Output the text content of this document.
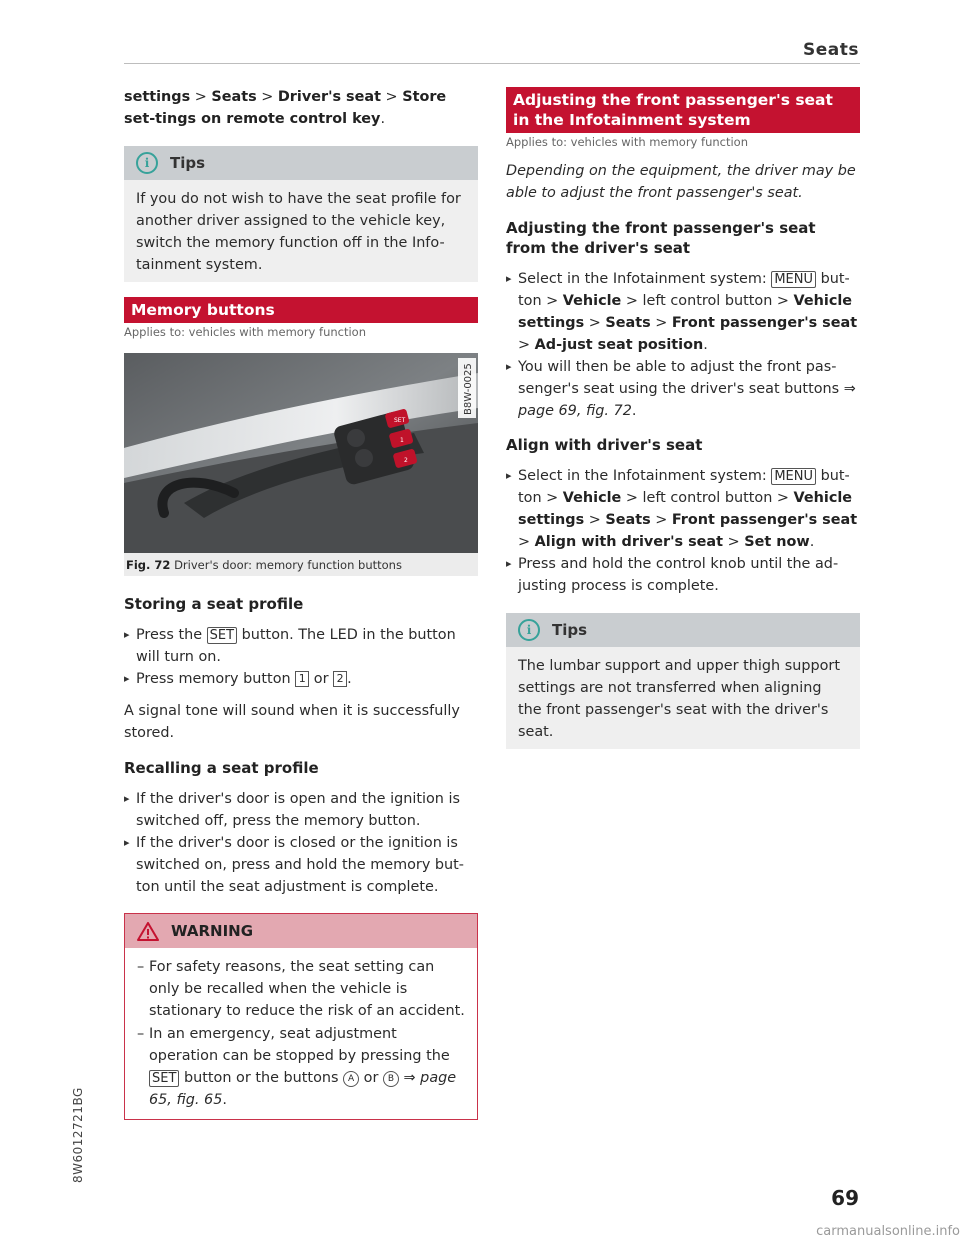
Seats

settings > Seats > Driver's seat > Store set-tings on remote control key.

i	Tips

If you do not wish to have the seat profile for another driver assigned to the vehicle key, switch the memory function off in the Info-tainment system.

Memory buttons
Applies to: vehicles with memory function
SET
1
2
B8W-0025
Fig. 72 Driver's door: memory function buttons
Storing a seat profile

▸ Press the SET button. The LED in the button will turn on.

▸ Press memory button 1 or 2 .

A signal tone will sound when it is successfully stored.

Recalling a seat profile

▸ If the driver's door is open and the ignition is switched off, press the memory button.

▸ If the driver's door is closed or the ignition is switched on, press and hold the memory but-ton until the seat adjustment is complete.

WARNING

– For safety reasons, the seat setting can only be recalled when the vehicle is stationary to reduce the risk of an accident.

– In an emergency, seat adjustment operation can be stopped by pressing the SET button or the buttons A or B ⇒ page 65, fig. 65.

Adjusting the front passenger's seat in the Infotainment system
Applies to: vehicles with memory function

Depending on the equipment, the driver may be able to adjust the front passenger's seat.

Adjusting the front passenger's seat from the driver's seat

▸ Select in the Infotainment system: MENU but-ton > Vehicle > left control button > Vehicle settings > Seats > Front passenger's seat > Ad-just seat position.

▸ You will then be able to adjust the front pas-senger's seat using the driver's seat buttons ⇒ page 69, fig. 72.

Align with driver's seat

▸ Select in the Infotainment system: MENU but-ton > Vehicle > left control button > Vehicle settings > Seats > Front passenger's seat > Align with driver's seat > Set now.

▸ Press and hold the control knob until the ad-justing process is complete.

i	Tips

The lumbar support and upper thigh support settings are not transferred when aligning the front passenger's seat with the driver's seat.

8W6012721BG
69
carmanualsonline.info
